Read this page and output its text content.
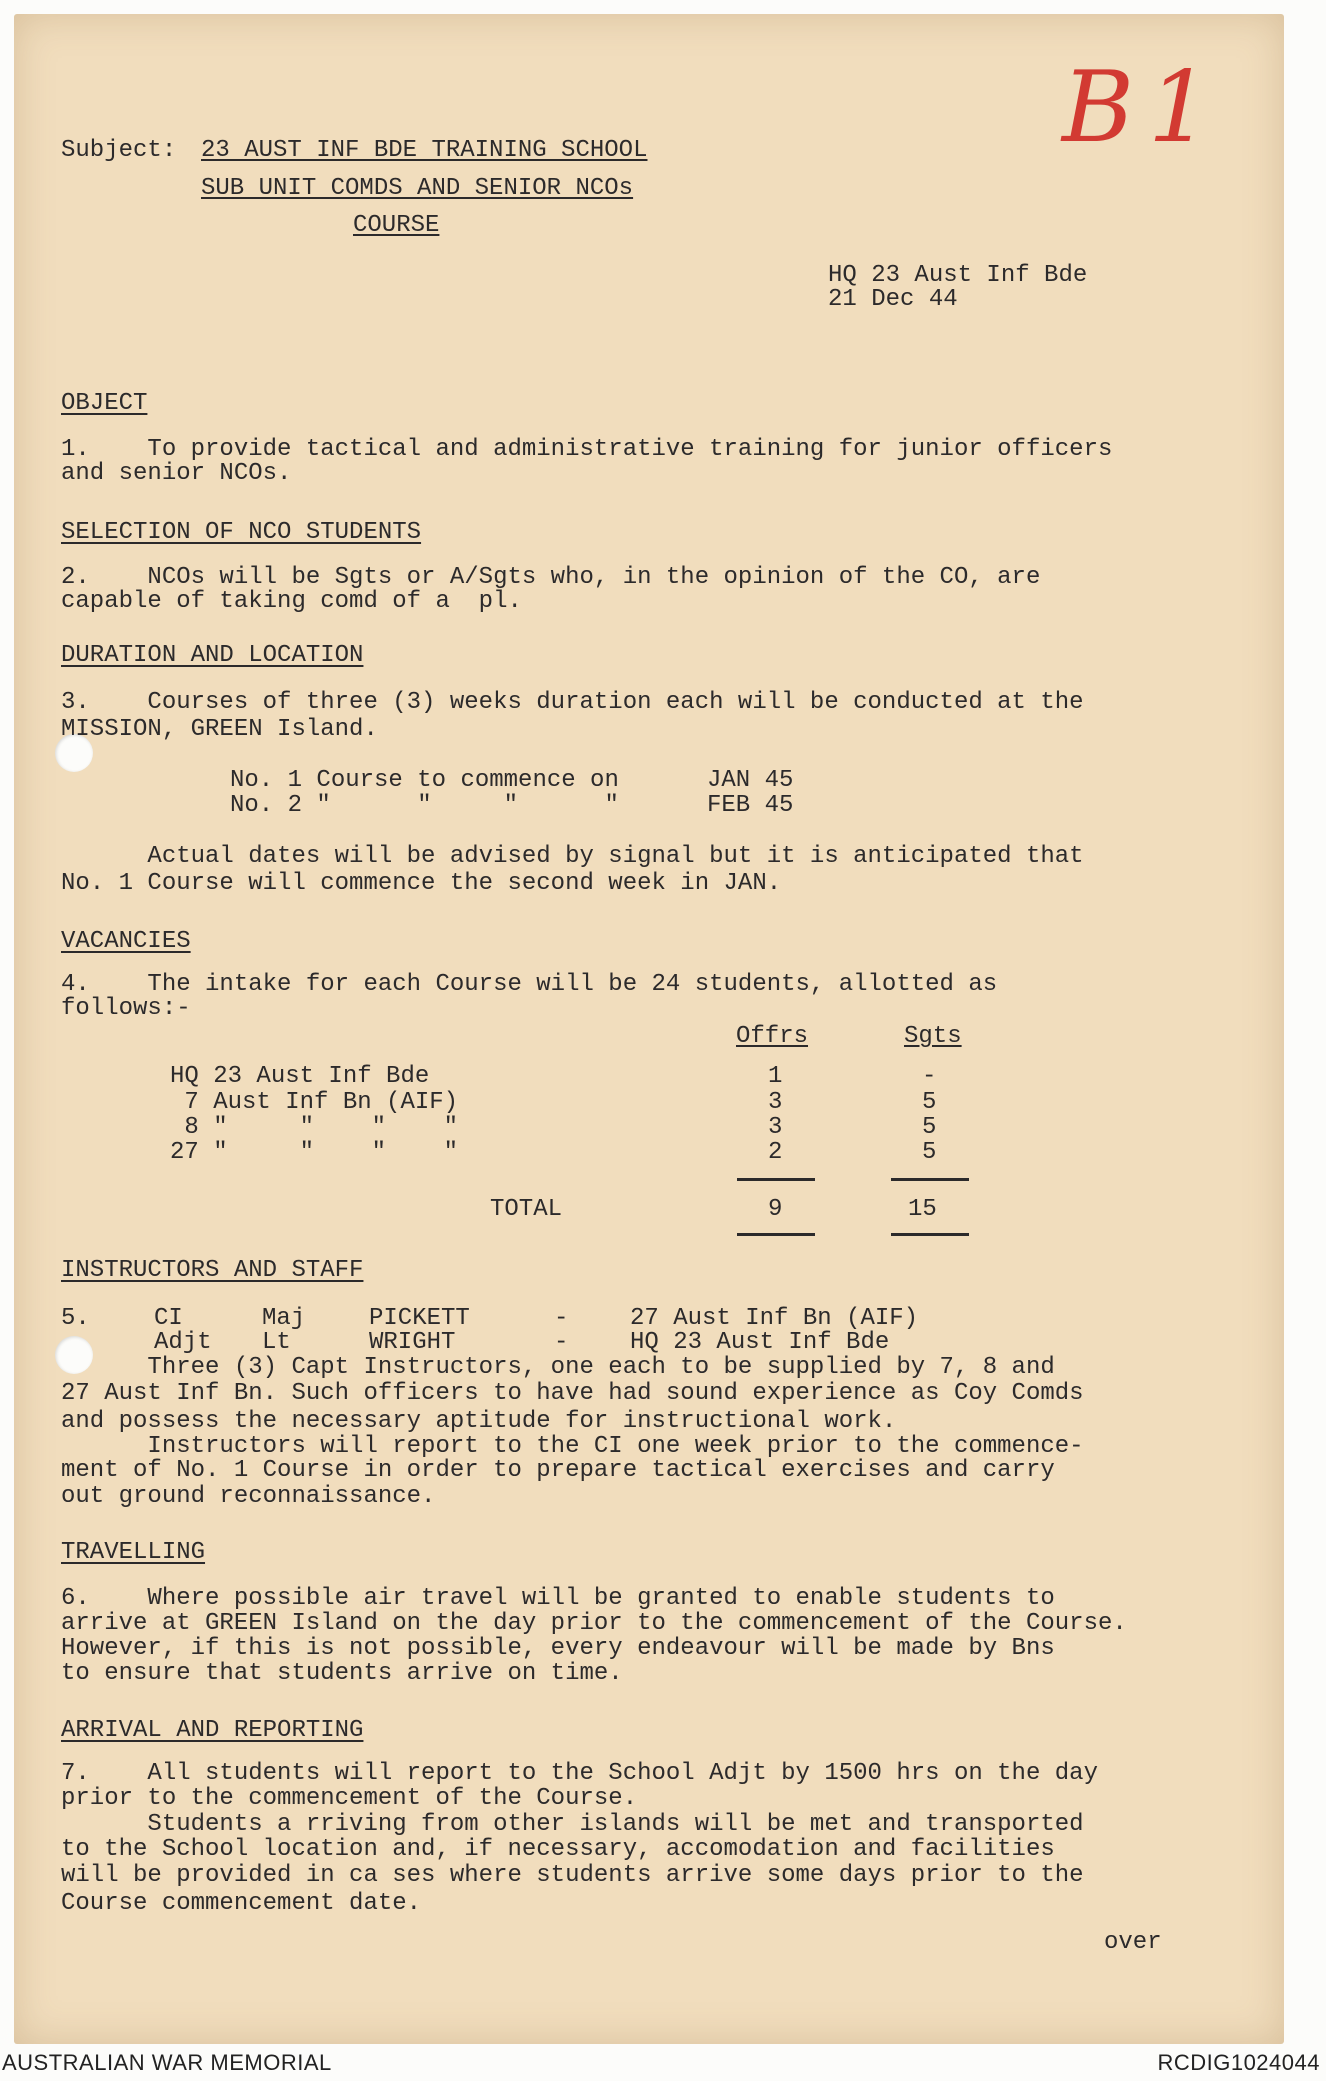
B1
Subject: 23 AUST INF BDE TRAINING SCHOOL
SUB UNIT COMDS AND SENIOR NCOs
COURSE
HQ 23 Aust Inf Bde
21 Dec 44
OBJECT
1.    To provide tactical and administrative training for junior officers
and senior NCOs.
SELECTION OF NCO STUDENTS
2.    NCOs will be Sgts or A/Sgts who, in the opinion of the CO, are
capable of taking comd of a  pl.
DURATION AND LOCATION
3.    Courses of three (3) weeks duration each will be conducted at the
MISSION, GREEN Island.
No. 1 Course to commence on	JAN 45
No. 2 "      "     "      "	FEB 45
Actual dates will be advised by signal but it is anticipated that
No. 1 Course will commence the second week in JAN.
VACANCIES
4.    The intake for each Course will be 24 students, allotted as
follows:-
Offrs	Sgts
HQ 23 Aust Inf Bde	1	-
7 Aust Inf Bn (AIF)	3	5
8 "     "    "    "	3	5
27 "     "    "    "	2	5
TOTAL	9	15
INSTRUCTORS AND STAFF
5.	CI	Maj	PICKETT	-	27 Aust Inf Bn (AIF)
Adjt Lt	WRIGHT	-	HQ 23 Aust Inf Bde
Three (3) Capt Instructors, one each to be supplied by 7, 8 and
27 Aust Inf Bn. Such officers to have had sound experience as Coy Comds
and possess the necessary aptitude for instructional work.
Instructors will report to the CI one week prior to the commence-
ment of No. 1 Course in order to prepare tactical exercises and carry
out ground reconnaissance.
TRAVELLING
6.    Where possible air travel will be granted to enable students to
arrive at GREEN Island on the day prior to the commencement of the Course.
However, if this is not possible, every endeavour will be made by Bns
to ensure that students arrive on time.
ARRIVAL AND REPORTING
7.    All students will report to the School Adjt by 1500 hrs on the day
prior to the commencement of the Course.
Students a rriving from other islands will be met and transported
to the School location and, if necessary, accomodation and facilities
will be provided in ca ses where students arrive some days prior to the
Course commencement date.
over
AUSTRALIAN WAR MEMORIAL	RCDIG1024044
